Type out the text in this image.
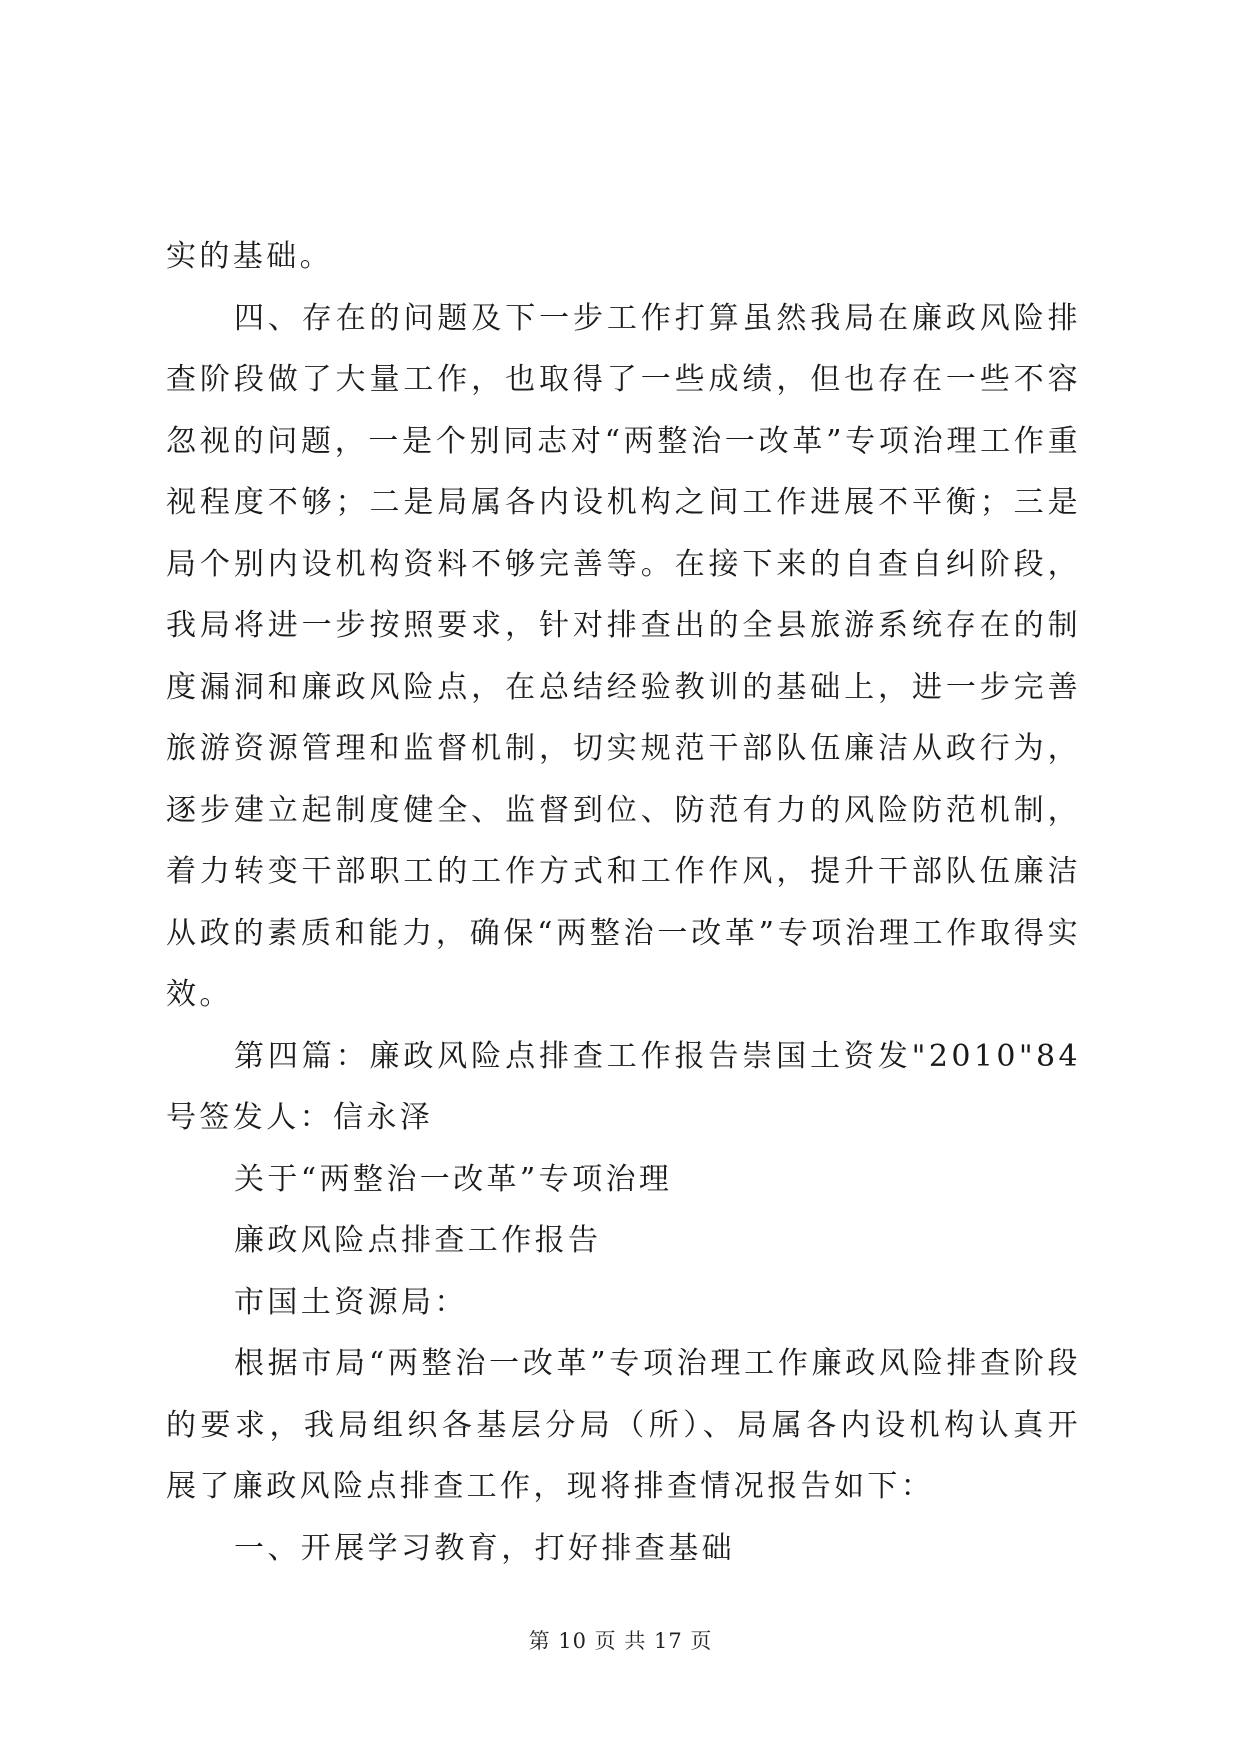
实的基础。

四、存在的问题及下一步工作打算虽然我局在廉政风险排查阶段做了大量工作，也取得了一些成绩，但也存在一些不容忽视的问题，一是个别同志对“两整治一改革”专项治理工作重视程度不够；二是局属各内设机构之间工作进展不平衡；三是局个别内设机构资料不够完善等。在接下来的自查自纠阶段，我局将进一步按照要求，针对排查出的全县旅游系统存在的制度漏洞和廉政风险点，在总结经验教训的基础上，进一步完善旅游资源管理和监督机制，切实规范干部队伍廉洁从政行为，逐步建立起制度健全、监督到位、防范有力的风险防范机制，着力转变干部职工的工作方式和工作作风，提升干部队伍廉洁从政的素质和能力，确保“两整治一改革”专项治理工作取得实效。

第四篇：廉政风险点排查工作报告崇国土资发"2010"84号签发人：信永泽

关于“两整治一改革”专项治理

廉政风险点排查工作报告

市国土资源局：

根据市局“两整治一改革”专项治理工作廉政风险排查阶段的要求，我局组织各基层分局（所）、局属各内设机构认真开展了廉政风险点排查工作，现将排查情况报告如下：

一、开展学习教育，打好排查基础

第 10 页 共 17 页
